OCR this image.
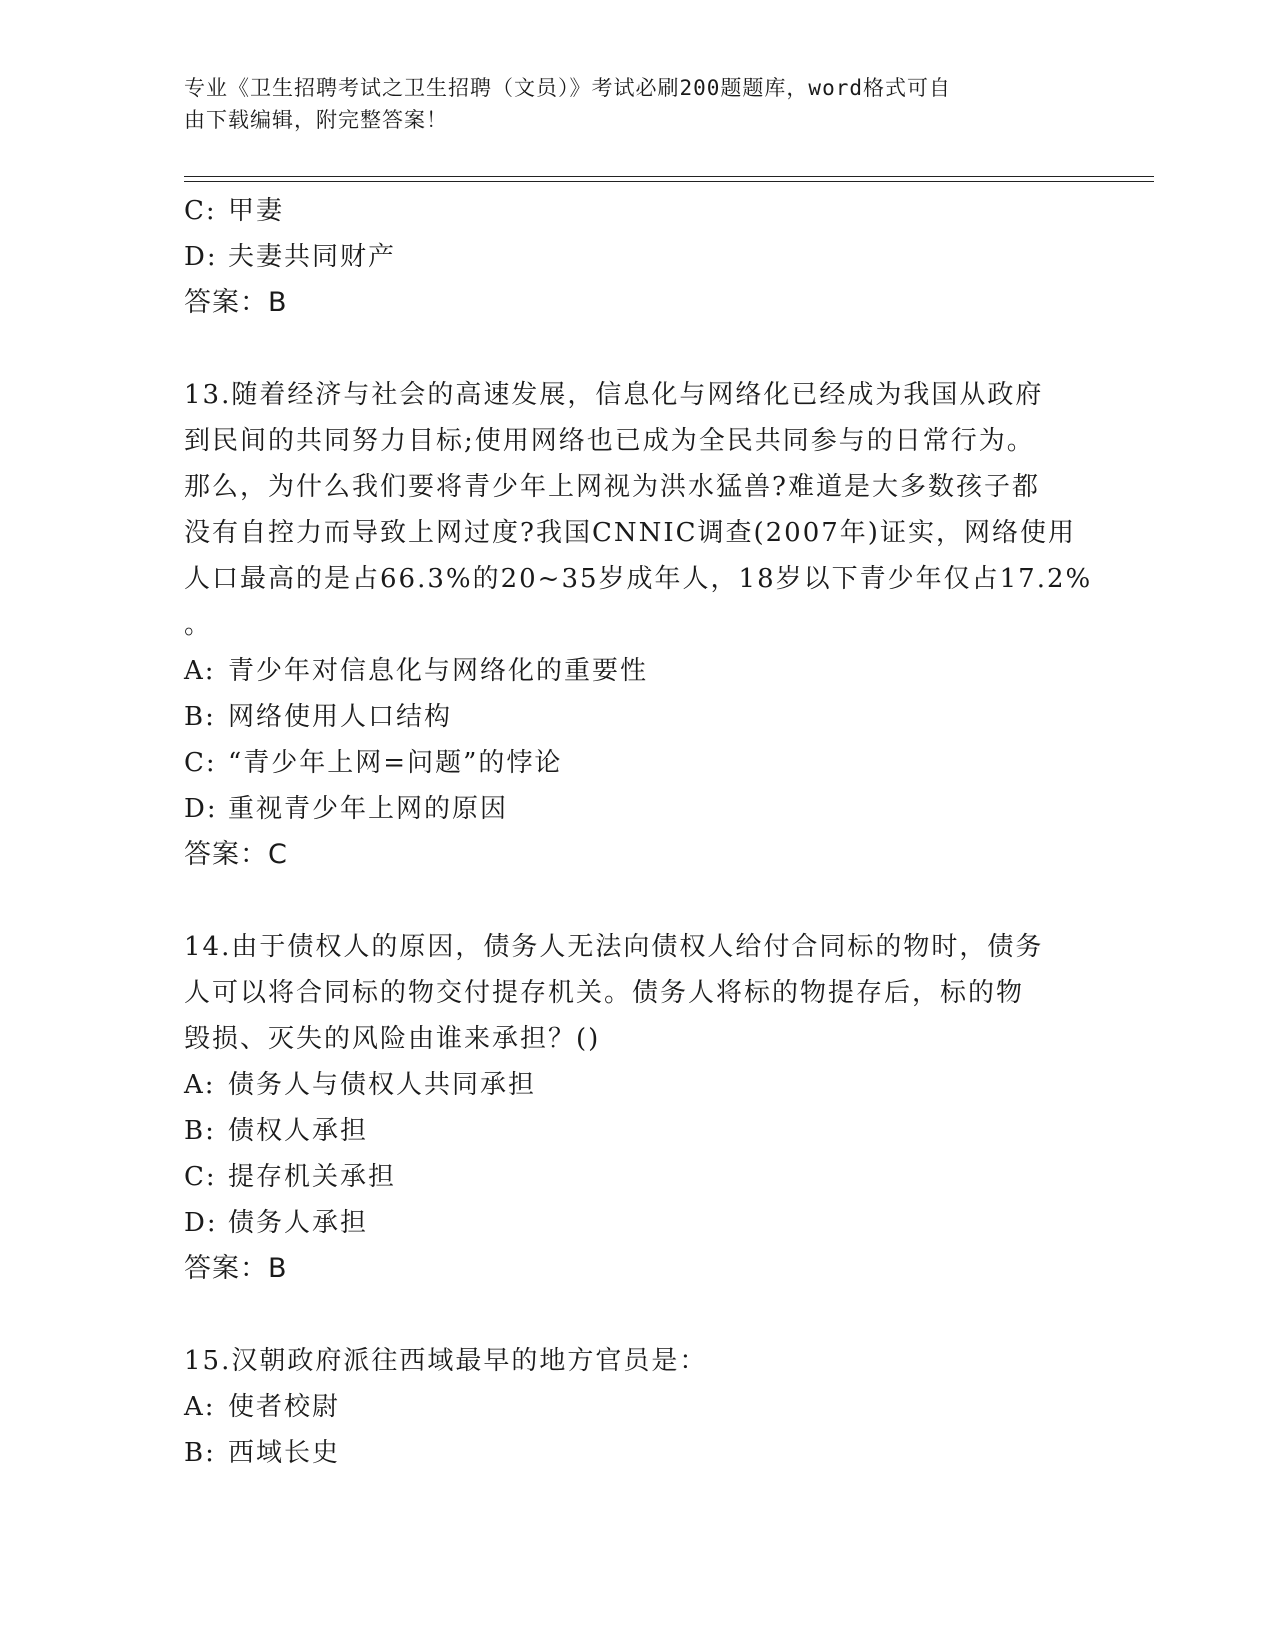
专业《卫生招聘考试之卫生招聘（文员）》考试必刷200题题库，word格式可自
由下载编辑，附完整答案！
C: 甲妻
D: 夫妻共同财产
答案：B
13.随着经济与社会的高速发展，信息化与网络化已经成为我国从政府
到民间的共同努力目标;使用网络也已成为全民共同参与的日常行为。
那么，为什么我们要将青少年上网视为洪水猛兽?难道是大多数孩子都
没有自控力而导致上网过度?我国CNNIC调查(2007年)证实，网络使用
人口最高的是占66.3%的20~35岁成年人，18岁以下青少年仅占17.2%
。
A: 青少年对信息化与网络化的重要性
B: 网络使用人口结构
C: “青少年上网=问题”的悖论
D: 重视青少年上网的原因
答案：C
14.由于债权人的原因，债务人无法向债权人给付合同标的物时，债务
人可以将合同标的物交付提存机关。债务人将标的物提存后，标的物
毁损、灭失的风险由谁来承担？()
A: 债务人与债权人共同承担
B: 债权人承担
C: 提存机关承担
D: 债务人承担
答案：B
15.汉朝政府派往西域最早的地方官员是：
A: 使者校尉
B: 西域长史
